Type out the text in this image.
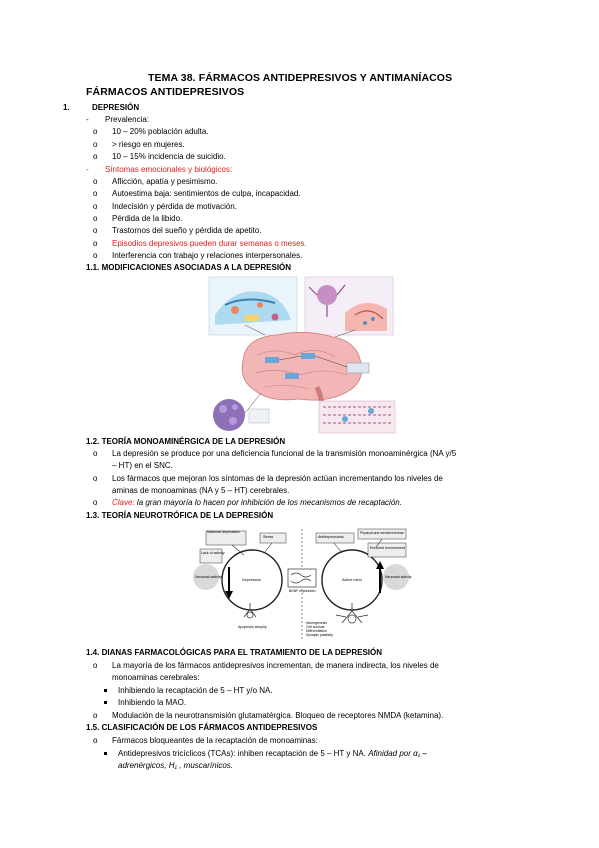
TEMA 38. FÁRMACOS ANTIDEPRESIVOS Y ANTIMANÍACOS
FÁRMACOS ANTIDEPRESIVOS
1.	DEPRESIÓN
- Prevalencia:
o 10 – 20% población adulta.
o > riesgo en mujeres.
o 10 – 15% incidencia de suicidio.
- Síntomas emocionales y biológicos:
o Aflicción, apatía y pesimismo.
o Autoestima baja: sentimientos de culpa, incapacidad.
o Indecisión y pérdida de motivación.
o Pérdida de la libido.
o Trastornos del sueño y pérdida de apetito.
o Episodios depresivos pueden durar semanas o meses.
o Interferencia con trabajo y relaciones interpersonales.
1.1. MODIFICACIONES ASOCIADAS A LA DEPRESIÓN
1.2. TEORÍA MONOAMINÉRGICA DE LA DEPRESIÓN
o La depresión se produce por una deficiencia funcional de la transmisión monoaminérgica (NA y/5
– HT) en el SNC.
o Los fármacos que mejoran los síntomas de la depresión actúan incrementando los niveles de
aminas de monoaminas (NA y 5 – HT) cerebrales.
o Clave: la gran mayoría lo hacen por inhibición de los mecanismos de recaptación.
1.3. TEORÍA NEUROTRÓFICA DE LA DEPRESIÓN
Maternal deprivation
Stress
Lack of activity
Neuronal activity
Depression
BDNF expression
Antidepressants
Physical and mental exercise
Enriched environment
Active mind
Neuronal activity
Apoptosis atrophy
Neurogenesis
Cell survival
Differentiation
Synaptic plasticity
1.4. DIANAS FARMACOLÓGICAS PARA EL TRATAMIENTO DE LA DEPRESIÓN
o La mayoría de los fármacos antidepresivos incrementan, de manera indirecta, los niveles de
monoaminas cerebrales:
Inhibiendo la recaptación de 5 – HT y/o NA.
Inhibiendo la MAO.
o Modulación de la neurotransmisión glutamatérgica. Bloqueo de receptores NMDA (ketamina).
1.5. CLASIFICACIÓN DE LOS FÁRMACOS ANTIDEPRESIVOS
o Fármacos bloqueantes de la recaptación de monoaminas:
Antidepresivos tricíclicos (TCAs): inhiben recaptación de 5 – HT y NA. Afinidad por α₁ –
adrenérgicos, H₁ , muscarínicos.
